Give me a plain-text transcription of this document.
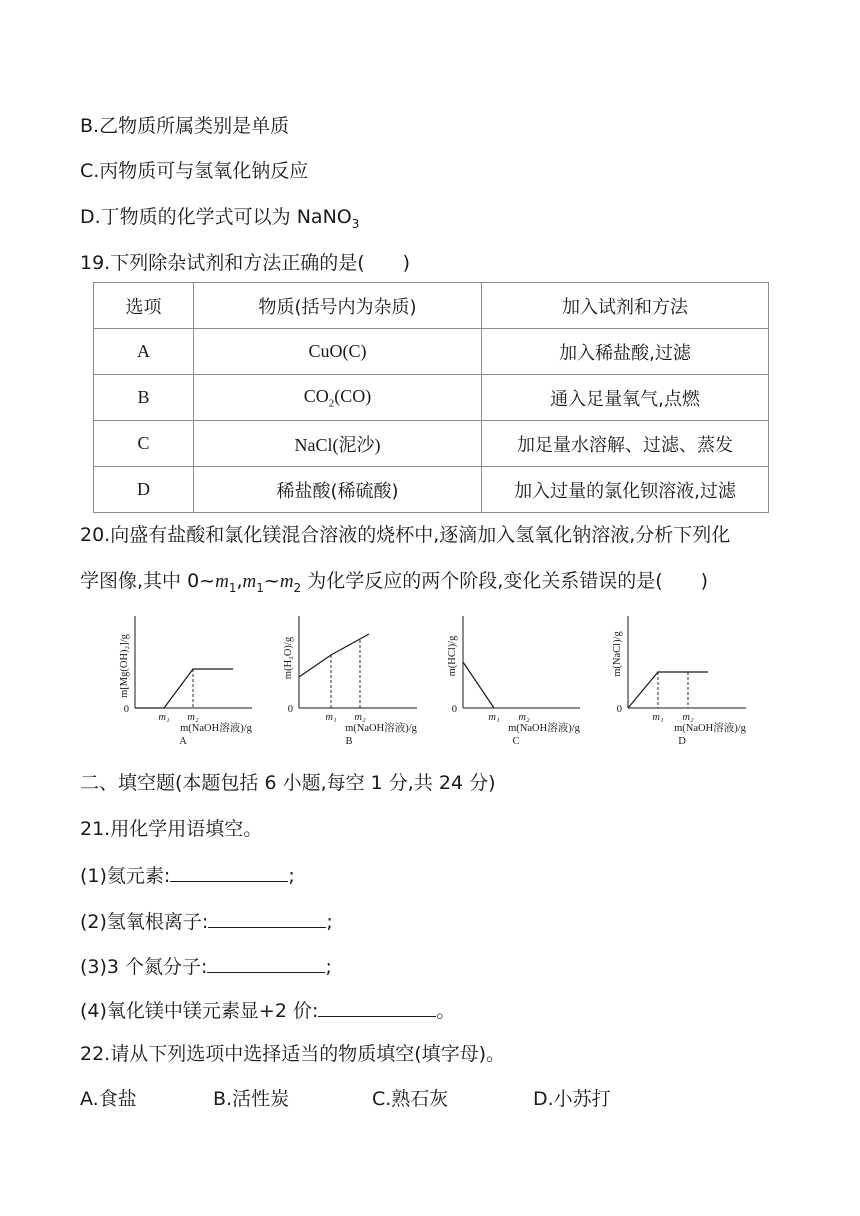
B.乙物质所属类别是单质
C.丙物质可与氢氧化钠反应
D.丁物质的化学式可以为 NaNO$_3$
19.下列除杂试剂和方法正确的是(　　)
选项	物质(括号内为杂质)	加入试剂和方法
A	CuO(C)	加入稀盐酸,过滤
B	$CO_2(CO)$	通入足量氧气,点燃
C	NaCl(泥沙)	加足量水溶解、过滤、蒸发
D	稀盐酸(稀硫酸)	加入过量的氯化钡溶液,过滤
20.向盛有盐酸和氯化镁混合溶液的烧杯中,逐滴加入氢氧化钠溶液,分析下列化
学图像,其中 $0\sim m_1,m_1\sim m_2$ 为化学反应的两个阶段,变化关系错误的是(　　)
0
m₁ m₂
m(NaOH溶液)/g
m[Mg(OH)₂]/g
A
0
m₁ m₂
m(NaOH溶液)/g
m(H₂O)/g
B
0
m₁ m₂
m(NaOH溶液)/g
m(HCl)/g
C
0
m₁ m₂
m(NaOH溶液)/g
m(NaCl)/g
D
二、填空题(本题包括 6 小题,每空 1 分,共 24 分)
21.用化学用语填空。
(1)氦元素:	;
(2)氢氧根离子:	;
(3)3 个氮分子:	;
(4)氧化镁中镁元素显+2 价:	。
22.请从下列选项中选择适当的物质填空(填字母)。
A.食盐	B.活性炭	C.熟石灰	D.小苏打
